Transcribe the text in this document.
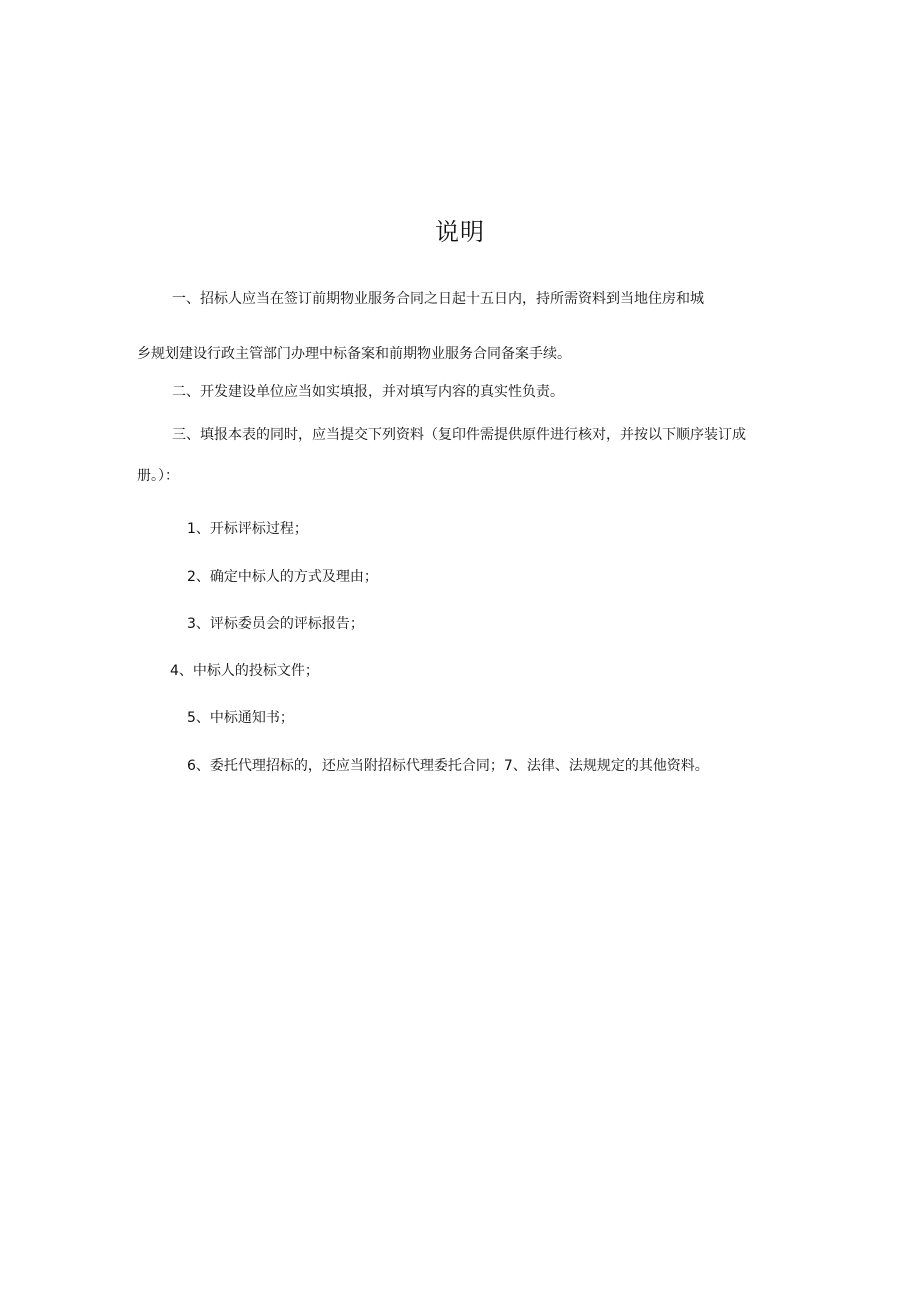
说明

一、招标人应当在签订前期物业服务合同之日起十五日内，持所需资料到当地住房和城

乡规划建设行政主管部门办理中标备案和前期物业服务合同备案手续。

二、开发建设单位应当如实填报，并对填写内容的真实性负责。

三、填报本表的同时，应当提交下列资料（复印件需提供原件进行核对，并按以下顺序装订成

册。）：

1、开标评标过程；

2、确定中标人的方式及理由；

3、评标委员会的评标报告；

4、中标人的投标文件；

5、中标通知书；

6、委托代理招标的，还应当附招标代理委托合同；7、法律、法规规定的其他资料。
